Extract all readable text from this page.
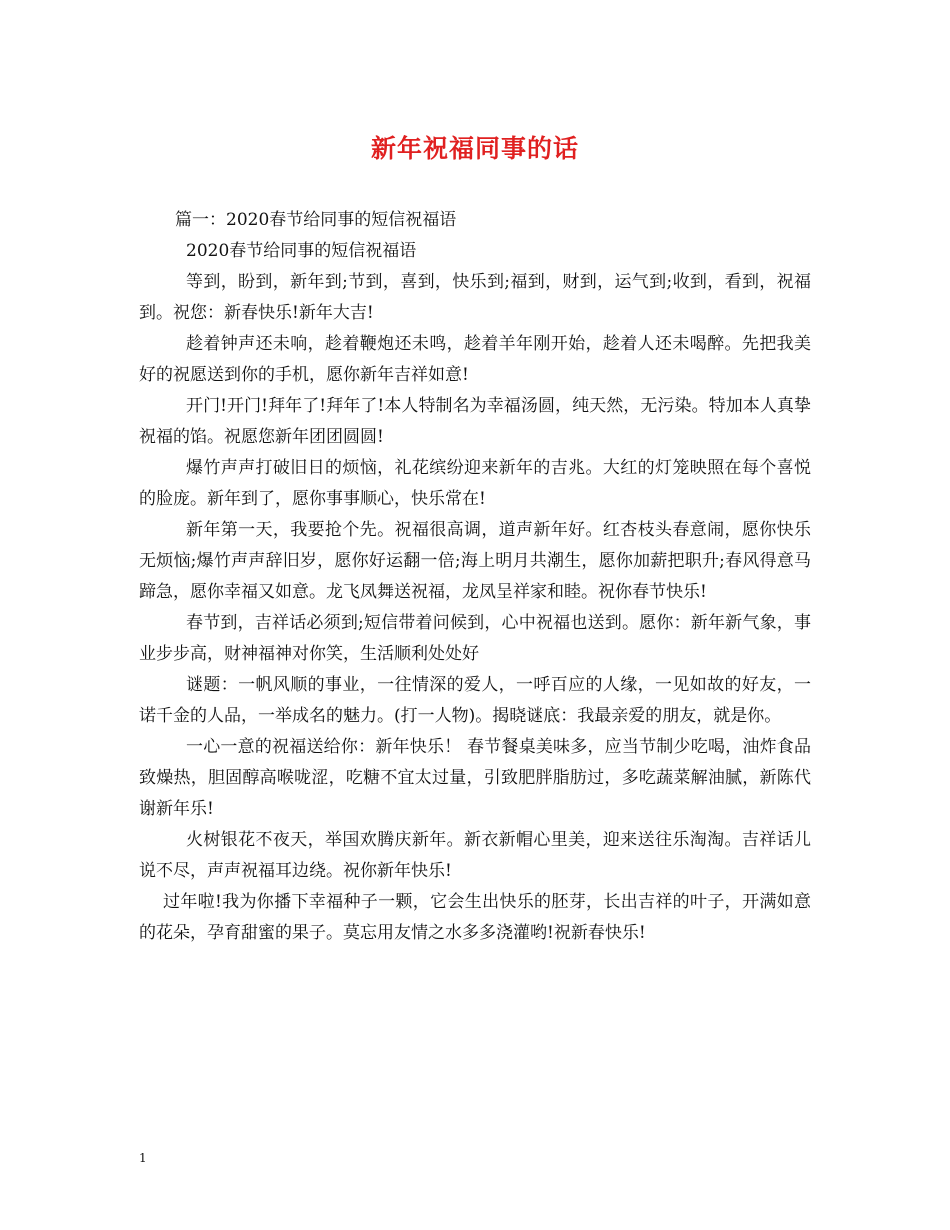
新年祝福同事的话

篇一：2020春节给同事的短信祝福语

2020春节给同事的短信祝福语

等到，盼到，新年到;节到，喜到，快乐到;福到，财到，运气到;收到，看到，祝福到。祝您：新春快乐!新年大吉!

趁着钟声还未响，趁着鞭炮还未鸣，趁着羊年刚开始，趁着人还未喝醉。先把我美好的祝愿送到你的手机，愿你新年吉祥如意!

开门!开门!拜年了!拜年了!本人特制名为幸福汤圆，纯天然，无污染。特加本人真挚祝福的馅。祝愿您新年团团圆圆!

爆竹声声打破旧日的烦恼，礼花缤纷迎来新年的吉兆。大红的灯笼映照在每个喜悦的脸庞。新年到了，愿你事事顺心，快乐常在!

新年第一天，我要抢个先。祝福很高调，道声新年好。红杏枝头春意闹，愿你快乐无烦恼;爆竹声声辞旧岁，愿你好运翻一倍;海上明月共潮生，愿你加薪把职升;春风得意马蹄急，愿你幸福又如意。龙飞凤舞送祝福，龙凤呈祥家和睦。祝你春节快乐!

春节到，吉祥话必须到;短信带着问候到，心中祝福也送到。愿你：新年新气象，事业步步高，财神福神对你笑，生活顺利处处好

谜题：一帆风顺的事业，一往情深的爱人，一呼百应的人缘，一见如故的好友，一诺千金的人品，一举成名的魅力。(打一人物)。揭晓谜底：我最亲爱的朋友，就是你。

一心一意的祝福送给你：新年快乐！ 春节餐桌美味多，应当节制少吃喝，油炸食品致燥热，胆固醇高喉咙涩，吃糖不宜太过量，引致肥胖脂肪过，多吃蔬菜解油腻，新陈代谢新年乐!

火树银花不夜天，举国欢腾庆新年。新衣新帽心里美，迎来送往乐淘淘。吉祥话儿说不尽，声声祝福耳边绕。祝你新年快乐!

过年啦!我为你播下幸福种子一颗，它会生出快乐的胚芽，长出吉祥的叶子，开满如意的花朵，孕育甜蜜的果子。莫忘用友情之水多多浇灌哟!祝新春快乐!

1
